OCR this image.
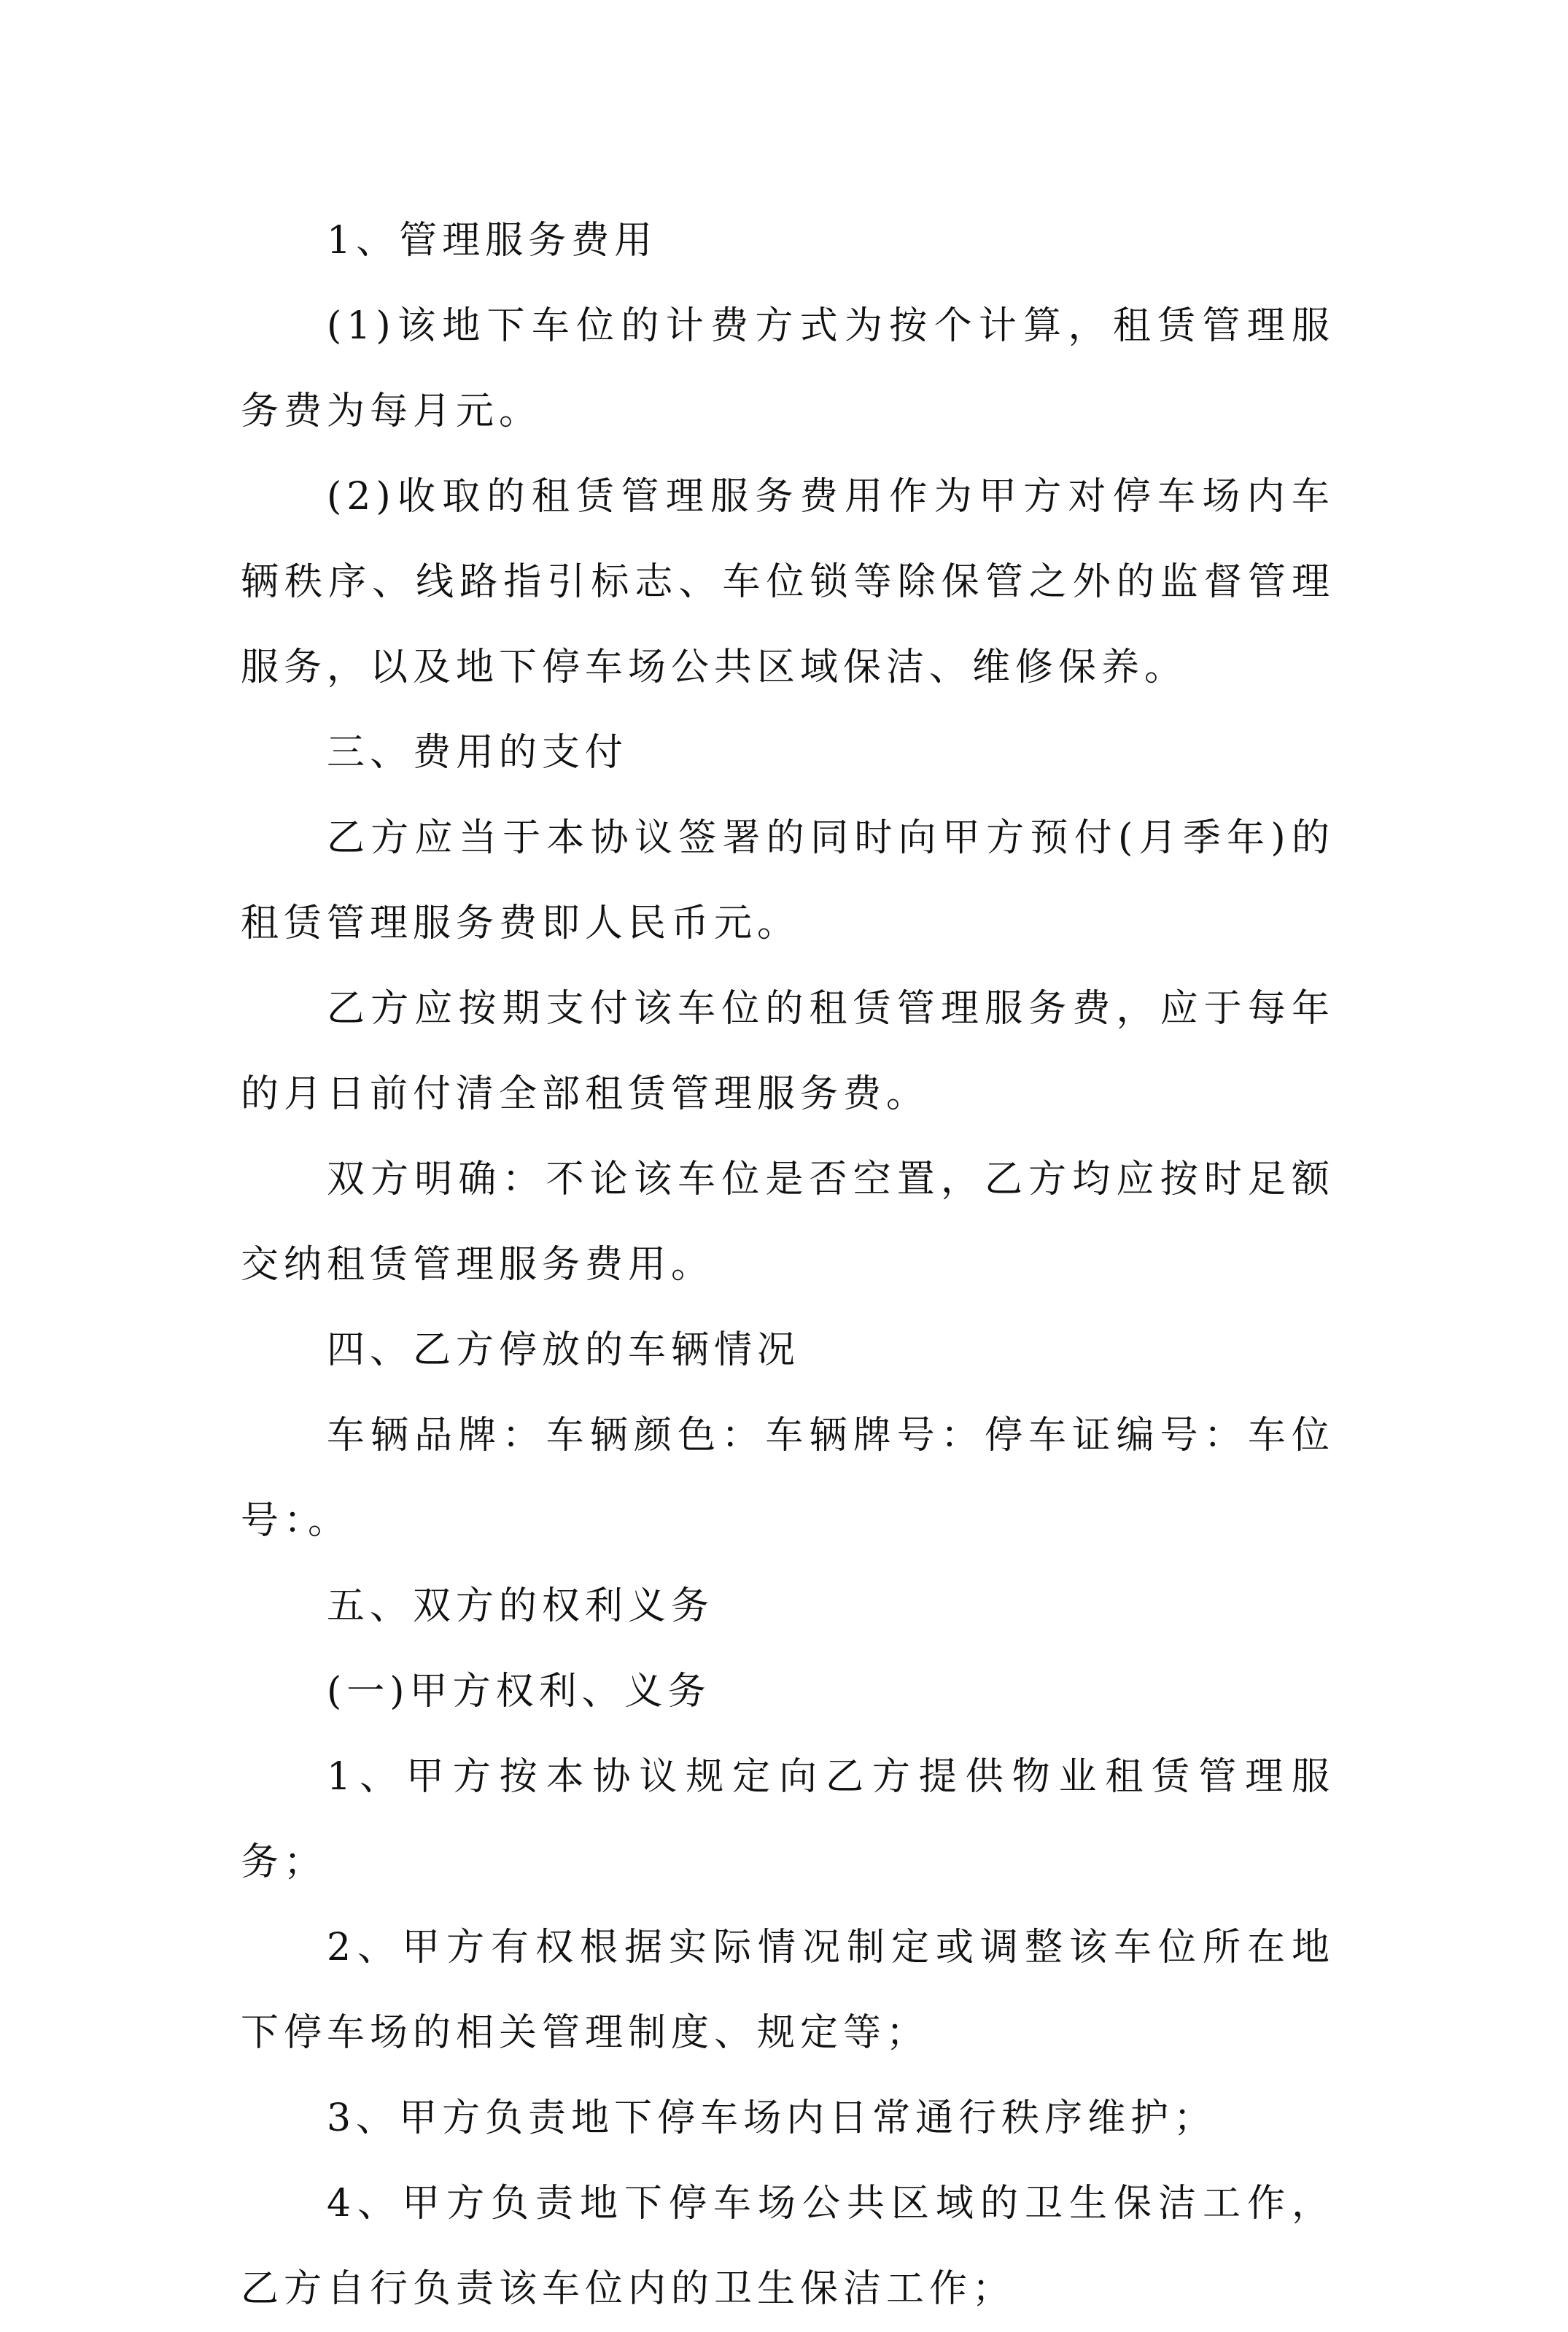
1、管理服务费用

(1)该地下车位的计费方式为按个计算，租赁管理服务费为每月元。

(2)收取的租赁管理服务费用作为甲方对停车场内车辆秩序、线路指引标志、车位锁等除保管之外的监督管理服务，以及地下停车场公共区域保洁、维修保养。

三、费用的支付

乙方应当于本协议签署的同时向甲方预付(月季年)的租赁管理服务费即人民币元。

乙方应按期支付该车位的租赁管理服务费，应于每年的月日前付清全部租赁管理服务费。

双方明确：不论该车位是否空置，乙方均应按时足额交纳租赁管理服务费用。

四、乙方停放的车辆情况

车辆品牌：车辆颜色：车辆牌号：停车证编号：车位号：。

五、双方的权利义务

(一)甲方权利、义务

1、甲方按本协议规定向乙方提供物业租赁管理服务；

2、甲方有权根据实际情况制定或调整该车位所在地下停车场的相关管理制度、规定等；

3、甲方负责地下停车场内日常通行秩序维护；

4、甲方负责地下停车场公共区域的卫生保洁工作，乙方自行负责该车位内的卫生保洁工作；
